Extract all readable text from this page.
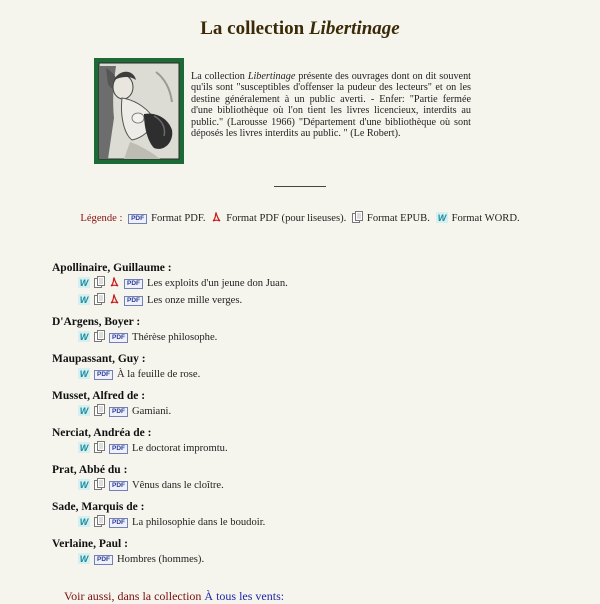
La collection Libertinage
La collection Libertinage présente des ouvrages dont on dit souvent qu'ils sont "susceptibles d'offenser la pudeur des lecteurs" et on les destine généralement à un public averti. - Enfer: "Partie fermée d'une bibliothèque où l'on tient les livres licencieux, interdits au public." (Larousse 1966) "Département d'une bibliothèque où sont déposés les livres interdits au public. " (Le Robert).
Légende : PDF Format PDF. Format PDF (pour liseuses). Format EPUB. W Format WORD.
Apollinaire, Guillaume :
W	PDF Les exploits d'un jeune don Juan.
W	PDF Les onze mille verges.
D'Argens, Boyer :
W	PDF Thérèse philosophe.
Maupassant, Guy :
W PDF À la feuille de rose.
Musset, Alfred de :
W	PDF Gamiani.
Nerciat, Andréa de :
W	PDF Le doctorat impromtu.
Prat, Abbé du :
W	PDF Vênus dans le cloître.
Sade, Marquis de :
W	PDF La philosophie dans le boudoir.
Verlaine, Paul :
W PDF Hombres (hommes).
Voir aussi, dans la collection À tous les vents:
